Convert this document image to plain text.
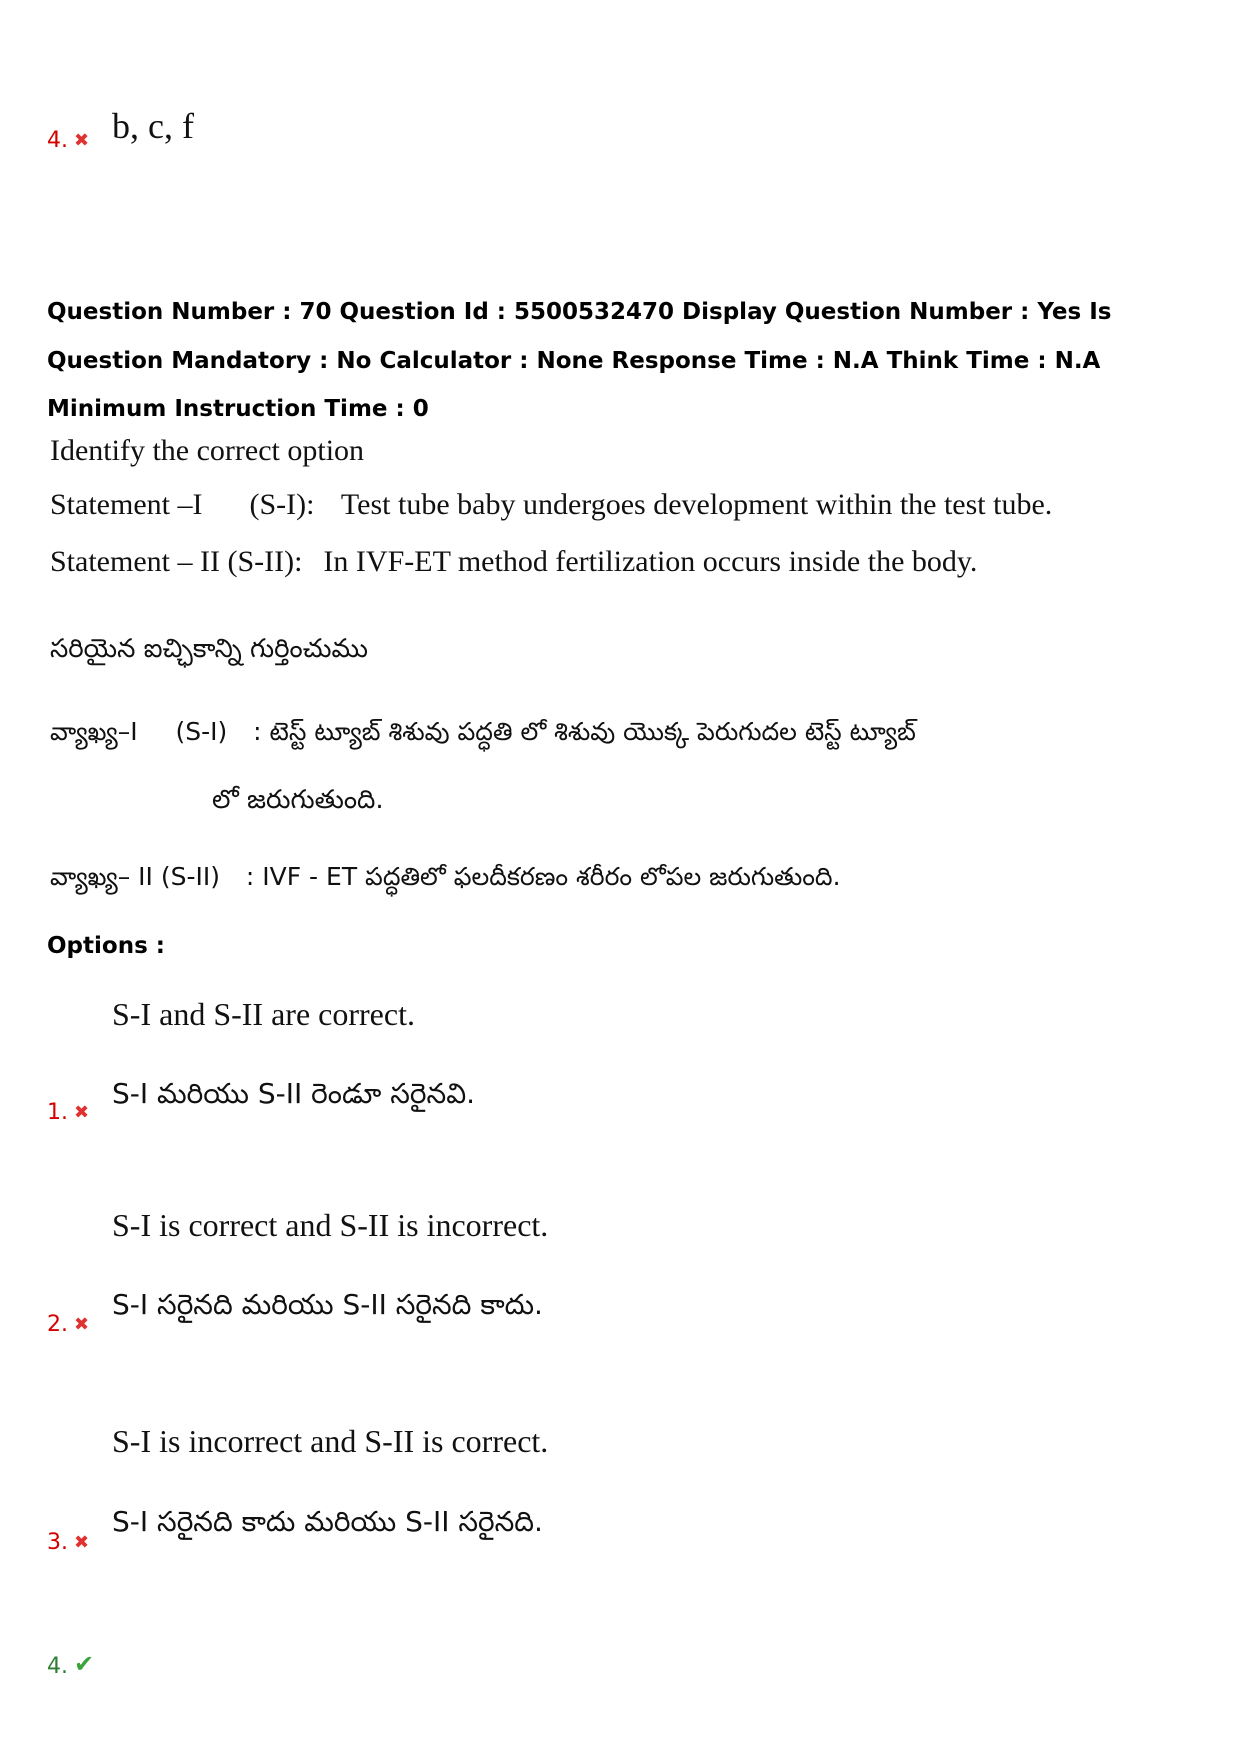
4. ✖ b, c, f
Question Number : 70 Question Id : 5500532470 Display Question Number : Yes Is Question Mandatory : No Calculator : None Response Time : N.A Think Time : N.A Minimum Instruction Time : 0
Identify the correct option
Statement –I (S-I): Test tube baby undergoes development within the test tube.
Statement – II (S-II): In IVF-ET method fertilization occurs inside the body.
సరియైన ఐచ్ఛికాన్ని గుర్తించుము
వ్యాఖ్య–I (S-I) : టెస్ట్ ట్యూబ్ శిశువు పద్ధతి లో శిశువు యొక్క పెరుగుదల టెస్ట్ ట్యూబ్
లో జరుగుతుంది.
వ్యాఖ్య– II (S-II) : IVF - ET పద్ధతిలో ఫలదీకరణం శరీరం లోపల జరుగుతుంది.
Options :
S-I and S-II are correct.
S-I మరియు S-II రెండూ సరైనవి.
1. ✖
S-I is correct and S-II is incorrect.
S-I సరైనది మరియు S-II సరైనది కాదు.
2. ✖
S-I is incorrect and S-II is correct.
S-I సరైనది కాదు మరియు S-II సరైనది.
3. ✖
4. ✔
